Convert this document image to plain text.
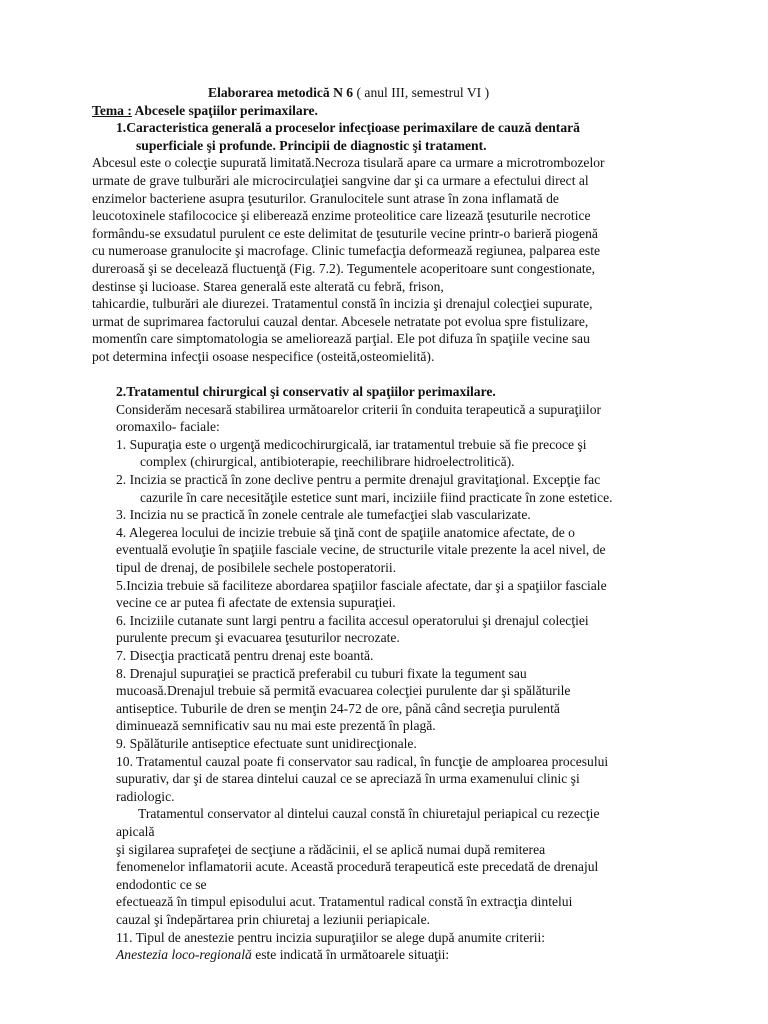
Elaborarea metodică N 6 ( anul III, semestrul VI )
Tema : Abcesele spaţiilor perimaxilare.
1.Caracteristica generală a proceselor infecţioase perimaxilare de cauză dentară
superficiale şi profunde. Principii de diagnostic şi tratament.
Abcesul este o colecţie supurată limitată.Necroza tisulară apare ca urmare a microtrombozelor
urmate de grave tulburări ale microcirculaţiei sangvine dar şi ca urmare a efectului direct al
enzimelor bacteriene asupra ţesuturilor. Granulocitele sunt atrase în zona inflamată de
leucotoxinele stafilococice şi eliberează enzime proteolitice care lizează ţesuturile necrotice
formându-se exsudatul purulent ce este delimitat de ţesuturile vecine printr-o barieră piogenă
cu numeroase granulocite şi macrofage. Clinic tumefacţia deformează regiunea, palparea este
dureroasă şi se decelează fluctuenţă (Fig. 7.2). Tegumentele acoperitoare sunt congestionate,
destinse şi lucioase. Starea generală este alterată cu febră, frison,
tahicardie, tulburări ale diurezei. Tratamentul constă în incizia şi drenajul colecţiei supurate,
urmat de suprimarea factorului cauzal dentar. Abcesele netratate pot evolua spre fistulizare,
momentîn care simptomatologia se ameliorează parţial. Ele pot difuza în spaţiile vecine sau
pot determina infecţii osoase nespecifice (osteită,osteomielită).
2.Tratamentul chirurgical şi conservativ al spaţiilor perimaxilare.
Considerăm necesară stabilirea următoarelor criterii în conduita terapeutică a supuraţiilor
oromaxilo- faciale:
1. Supuraţia este o urgenţă medicochirurgicală, iar tratamentul trebuie să fie precoce şi
complex (chirurgical, antibioterapie, reechilibrare hidroelectrolitică).
2. Incizia se practică în zone declive pentru a permite drenajul gravitaţional. Excepţie fac
cazurile în care necesităţile estetice sunt mari, inciziile fiind practicate în zone estetice.
3. Incizia nu se practică în zonele centrale ale tumefacţiei slab vascularizate.
4. Alegerea locului de incizie trebuie să ţină cont de spaţiile anatomice afectate, de o
eventuală evoluţie în spaţiile fasciale vecine, de structurile vitale prezente la acel nivel, de
tipul de drenaj, de posibilele sechele postoperatorii.
5.Incizia trebuie să faciliteze abordarea spaţiilor fasciale afectate, dar şi a spaţiilor fasciale
vecine ce ar putea fi afectate de extensia supuraţiei.
6. Inciziile cutanate sunt largi pentru a facilita accesul operatorului şi drenajul colecţiei
purulente precum şi evacuarea ţesuturilor necrozate.
7. Disecţia practicată pentru drenaj este boantă.
8. Drenajul supuraţiei se practică preferabil cu tuburi fixate la tegument sau
mucoasă.Drenajul trebuie să permită evacuarea colecţiei purulente dar şi spălăturile
antiseptice. Tuburile de dren se menţin 24-72 de ore, până când secreţia purulentă
diminuează semnificativ sau nu mai este prezentă în plagă.
9. Spălăturile antiseptice efectuate sunt unidirecţionale.
10. Tratamentul cauzal poate fi conservator sau radical, în funcţie de amploarea procesului
supurativ, dar şi de starea dintelui cauzal ce se apreciază în urma examenului clinic şi
radiologic.
Tratamentul conservator al dintelui cauzal constă în chiuretajul periapical cu rezecţie
apicală
şi sigilarea suprafeţei de secţiune a rădăcinii, el se aplică numai după remiterea
fenomenelor inflamatorii acute. Această procedură terapeutică este precedată de drenajul
endodontic ce se
efectuează în timpul episodului acut. Tratamentul radical constă în extracţia dintelui
cauzal şi îndepărtarea prin chiuretaj a leziunii periapicale.
11. Tipul de anestezie pentru incizia supuraţiilor se alege după anumite criterii:
Anestezia loco-regională este indicată în următoarele situaţii:
